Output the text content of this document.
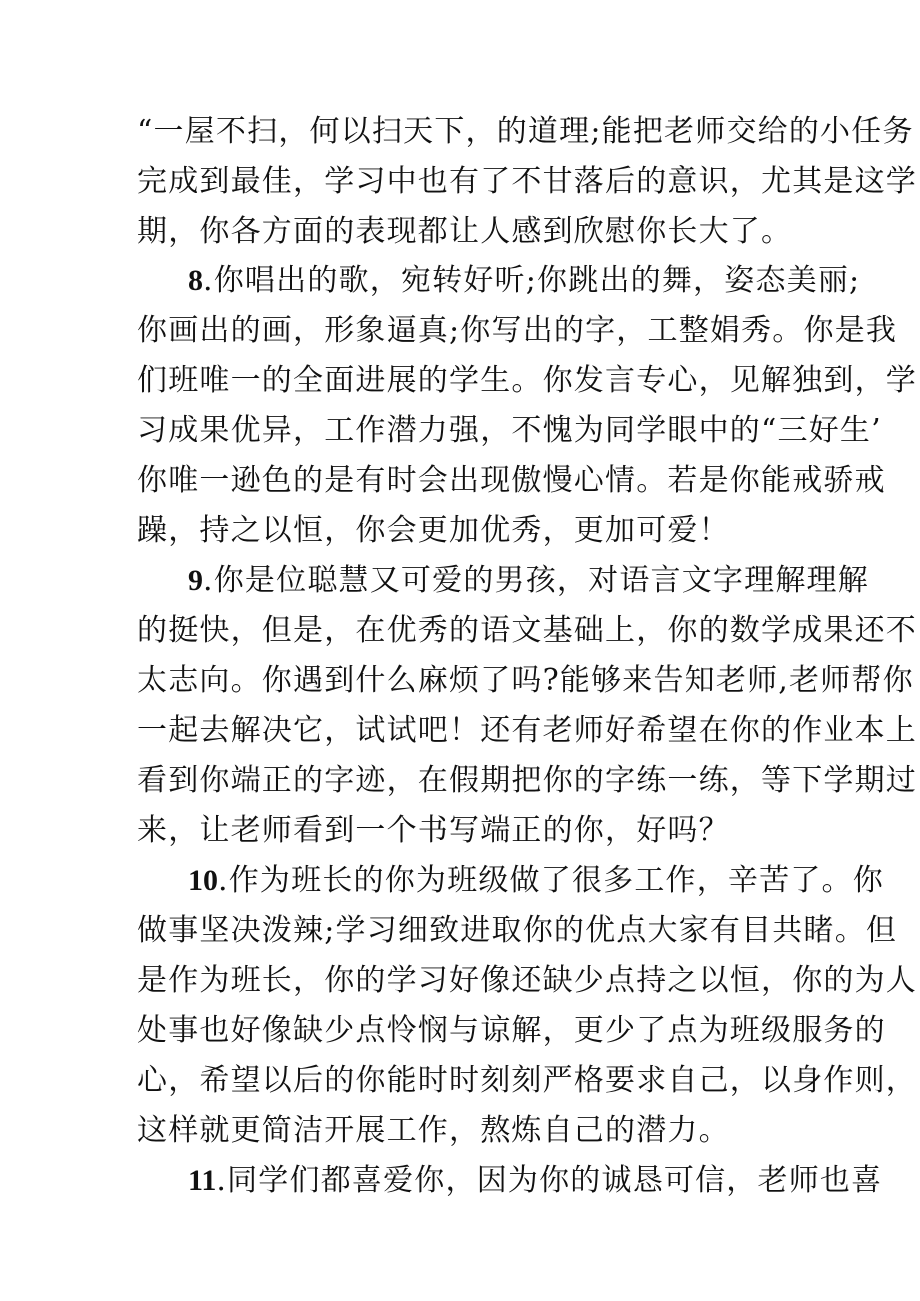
“一屋不扫，何以扫天下，的道理;能把老师交给的小任务
完成到最佳，学习中也有了不甘落后的意识，尤其是这学
期，你各方面的表现都让人感到欣慰你长大了。
8.你唱出的歌，宛转好听;你跳出的舞，姿态美丽;
你画出的画，形象逼真;你写出的字，工整娟秀。你是我
们班唯一的全面进展的学生。你发言专心，见解独到，学
习成果优异，工作潜力强，不愧为同学眼中的“三好生’
你唯一逊色的是有时会出现傲慢心情。若是你能戒骄戒
躁，持之以恒，你会更加优秀，更加可爱！
9.你是位聪慧又可爱的男孩，对语言文字理解理解
的挺快，但是，在优秀的语文基础上，你的数学成果还不
太志向。你遇到什么麻烦了吗?能够来告知老师,老师帮你
一起去解决它，试试吧！还有老师好希望在你的作业本上
看到你端正的字迹，在假期把你的字练一练，等下学期过
来，让老师看到一个书写端正的你，好吗？
10.作为班长的你为班级做了很多工作，辛苦了。你
做事坚决泼辣;学习细致进取你的优点大家有目共睹。但
是作为班长，你的学习好像还缺少点持之以恒，你的为人
处事也好像缺少点怜悯与谅解，更少了点为班级服务的
心，希望以后的你能时时刻刻严格要求自己，以身作则，
这样就更简洁开展工作，熬炼自己的潜力。
11.同学们都喜爱你，因为你的诚恳可信，老师也喜
